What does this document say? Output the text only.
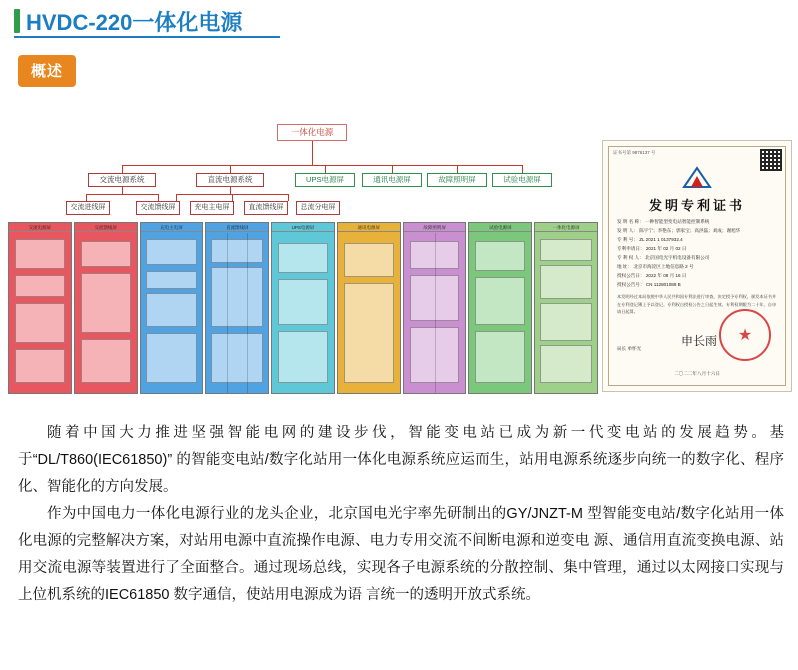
HVDC-220一体化电源
概述
一体化电源
交流电源系统	直流电源系统	UPS电源屏	通讯电源屏	故障照明屏	试验电源屏
交流进线屏	交流馈线屏	充电主电屏	直流馈线屏	总流分电屏
交流电源屏	交流馈线屏	充电主电屏	直流馈线屏	UPS电源屏	通讯电源屏	故障照明屏	试验电源屏	一体化电源屏
证书号第 9876137 号
发明专利证书
发 明 名 称： 一种智能型变电站智能控制系统
发 明 人： 陈宇宁；李艳东；郭家宝；高洪磊；刘成；谢旭华
专 利 号： ZL 2021 1 0137932.4
专利申请日： 2021 年 02 月 02 日
专 利 权 人： 北京国电光宇机电设备有限公司
地 址： 北京市海淀区上地信息路 2 号
授权公告日： 2022 年 08 月 16 日
授权公告号： CN 112801088 B
本发明经过本局依照中华人民共和国专利法进行审查，决定授予专利权，颁发本证书并在专利登记簿上予以登记。专利权自授权公告之日起生效。专利权期限为二十年，自申请日起算。
局长 单怀光
申长雨
★
二〇二二年八月十六日

随着中国大力推进坚强智能电网的建设步伐，智能变电站已成为新一代变电站的发展趋势。基于“DL/T860(IEC61850)” 的智能变电站/数字化站用一体化电源系统应运而生，站用电源系统逐步向统一的数字化、程序化、智能化的方向发展。

作为中国电力一体化电源行业的龙头企业，北京国电光宇率先研制出的GY/JNZT-M 型智能变电站/数字化站用一体化电源的完整解决方案，对站用电源中直流操作电源、电力专用交流不间断电源和逆变电 源、通信用直流变换电源、站用交流电源等装置进行了全面整合。通过现场总线，实现各子电源系统的分散控制、集中管理，通过以太网接口实现与上位机系统的IEC61850 数字通信，使站用电源成为语 言统一的透明开放式系统。
